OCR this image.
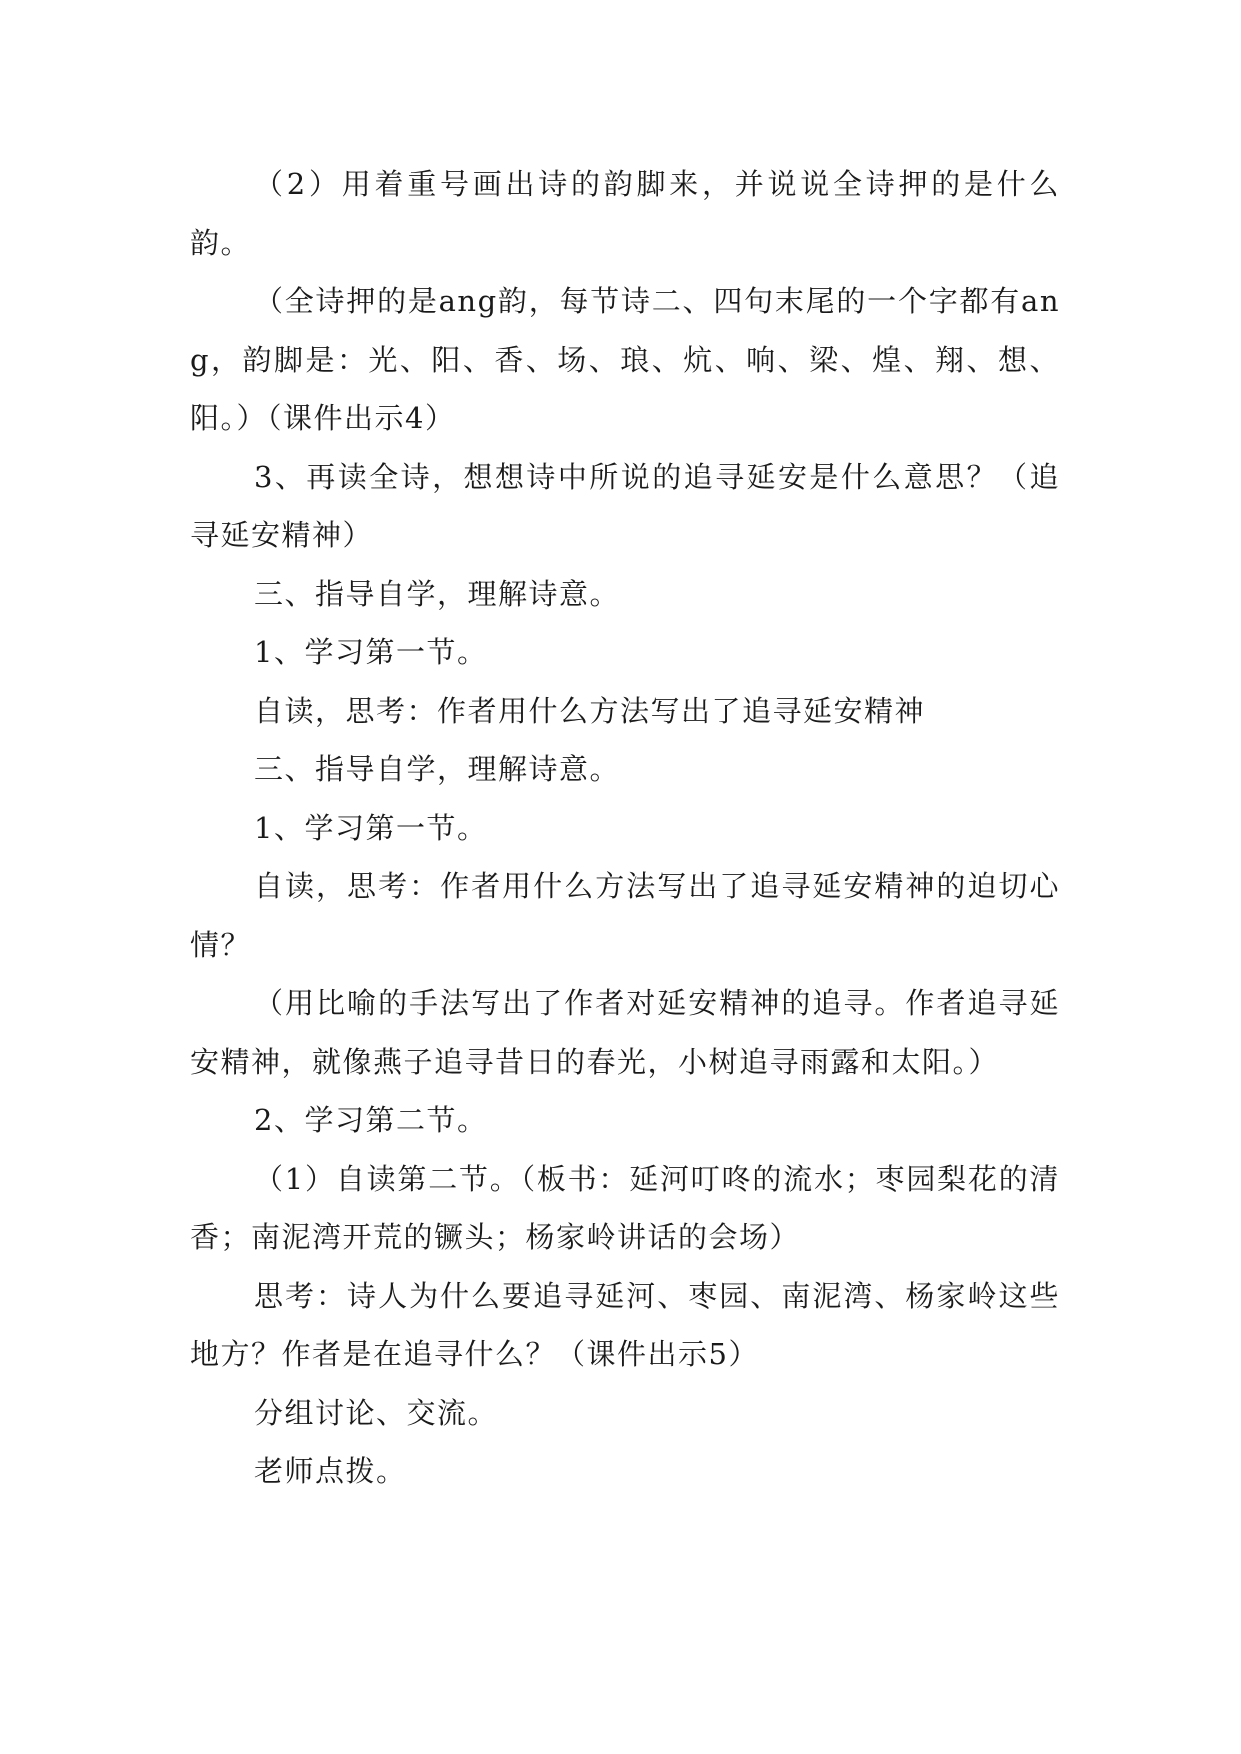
（2）用着重号画出诗的韵脚来，并说说全诗押的是什么韵。

（全诗押的是ang韵，每节诗二、四句末尾的一个字都有ang，韵脚是：光、阳、香、场、琅、炕、响、梁、煌、翔、想、阳。）（课件出示4）

3、再读全诗，想想诗中所说的追寻延安是什么意思？（追寻延安精神）

三、指导自学，理解诗意。

1、学习第一节。

自读，思考：作者用什么方法写出了追寻延安精神

三、指导自学，理解诗意。

1、学习第一节。

自读，思考：作者用什么方法写出了追寻延安精神的迫切心情？

（用比喻的手法写出了作者对延安精神的追寻。作者追寻延安精神，就像燕子追寻昔日的春光，小树追寻雨露和太阳。）

2、学习第二节。

（1）自读第二节。（板书：延河叮咚的流水；枣园梨花的清香；南泥湾开荒的镢头；杨家岭讲话的会场）

思考：诗人为什么要追寻延河、枣园、南泥湾、杨家岭这些地方？作者是在追寻什么？（课件出示5）

分组讨论、交流。

老师点拨。
